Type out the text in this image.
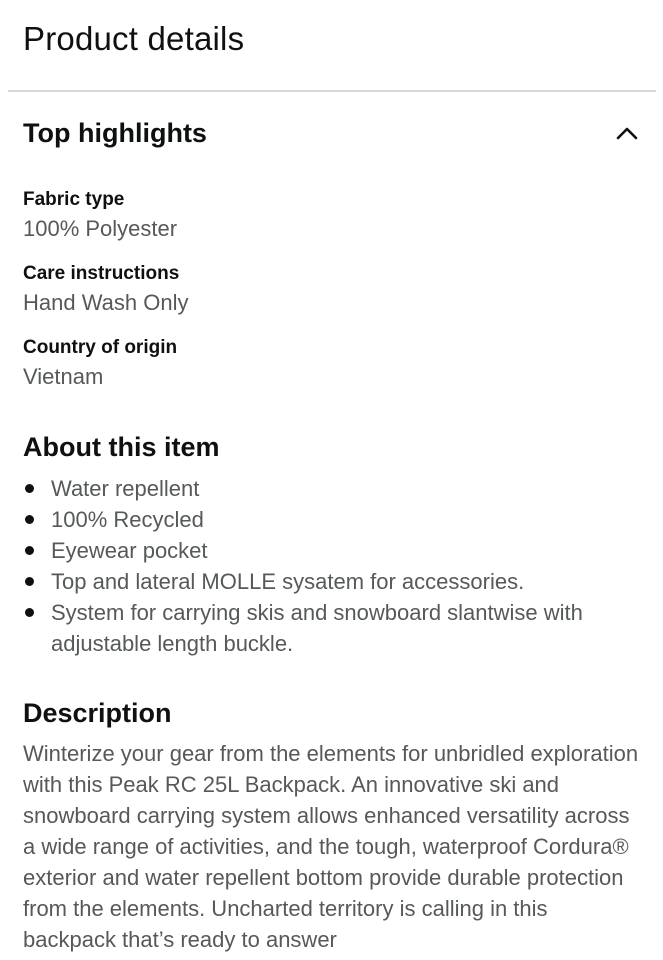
Product details
Top highlights
Fabric type
100% Polyester
Care instructions
Hand Wash Only
Country of origin
Vietnam
About this item
Water repellent
100% Recycled
Eyewear pocket
Top and lateral MOLLE sysatem for accessories.
System for carrying skis and snowboard slantwise with adjustable length buckle.
Description
Winterize your gear from the elements for unbridled exploration with this Peak RC 25L Backpack. An innovative ski and snowboard carrying system allows enhanced versatility across a wide range of activities, and the tough, waterproof Cordura® exterior and water repellent bottom provide durable protection from the elements. Uncharted territory is calling in this backpack that’s ready to answer
